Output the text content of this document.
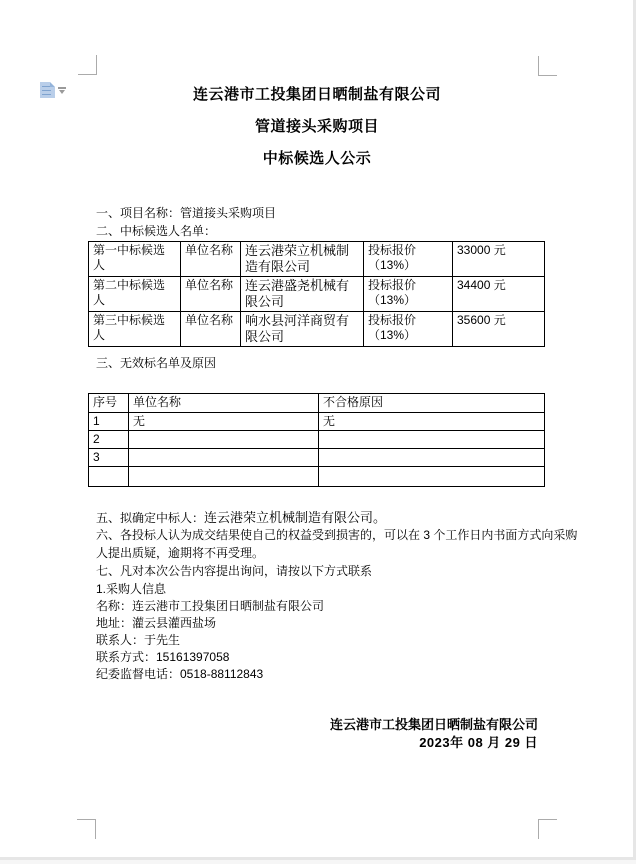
连云港市工投集团日晒制盐有限公司
管道接头采购项目
中标候选人公示
一、项目名称：管道接头采购项目
二、中标候选人名单：
第一中标候选人	单位名称	连云港荣立机械制造有限公司	投标报价（13%）	33000 元
第二中标候选人	单位名称	连云港盛尧机械有限公司	投标报价（13%）	34400 元
第三中标候选人	单位名称	响水县河洋商贸有限公司	投标报价（13%）	35600 元
三、无效标名单及原因
序号	单位名称	不合格原因
1	无	无
2		
3		

五、拟确定中标人：连云港荣立机械制造有限公司。
六、各投标人认为成交结果使自己的权益受到损害的，可以在 3 个工作日内书面方式向采购
人提出质疑，逾期将不再受理。
七、凡对本次公告内容提出询问，请按以下方式联系
1.采购人信息
名称：连云港市工投集团日晒制盐有限公司
地址：灌云县灌西盐场
联系人：于先生
联系方式：15161397058
纪委监督电话：0518-88112843
连云港市工投集团日晒制盐有限公司
2023年 08 月 29 日
